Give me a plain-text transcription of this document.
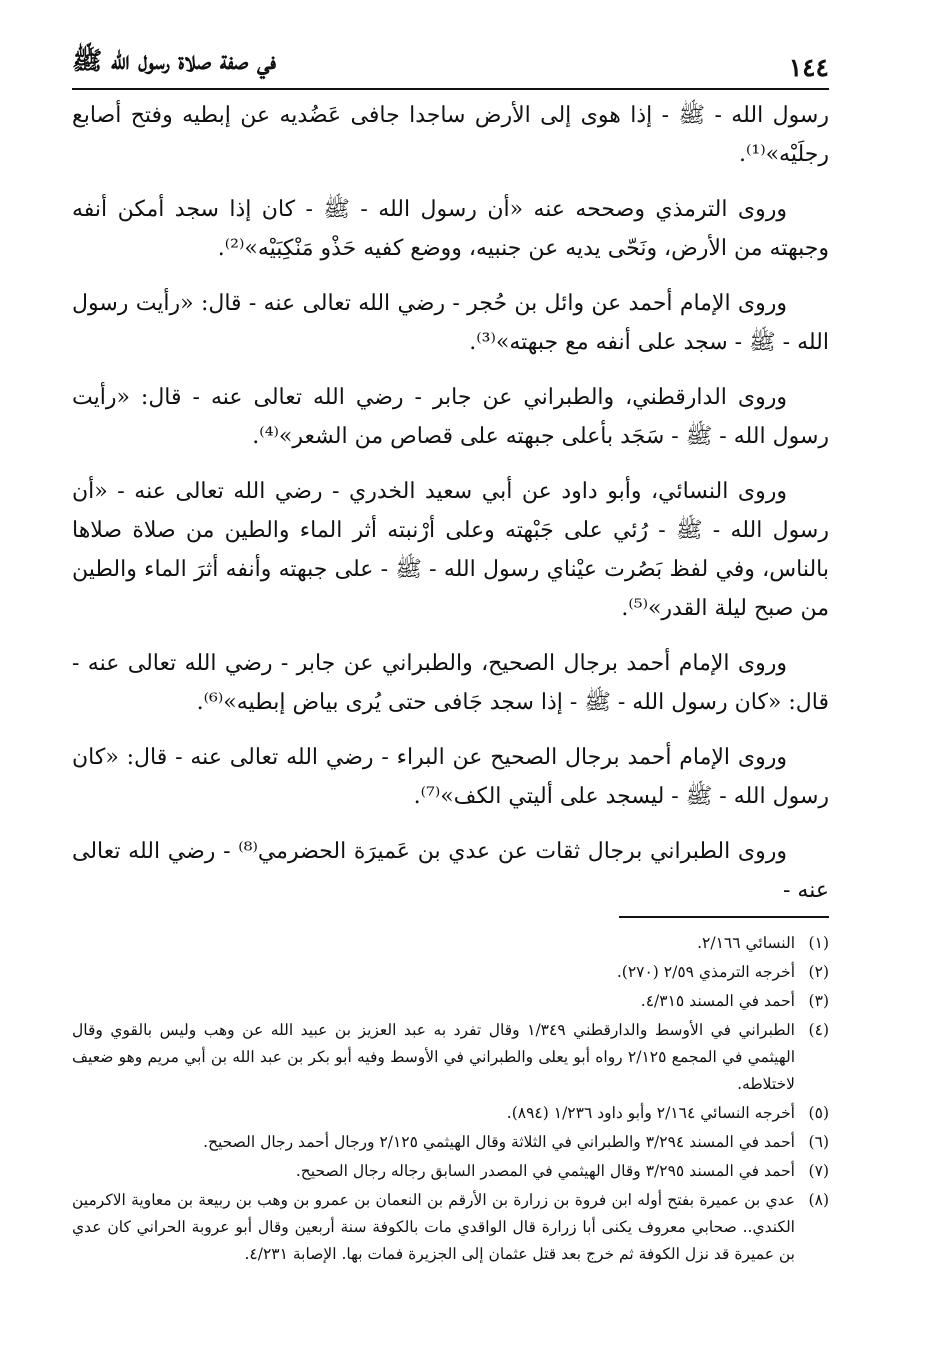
١٤٤
في صفة صلاة رسول الله ﷺ

رسول الله - ﷺ - إذا هوى إلى الأرض ساجدا جافى عَضُديه عن إبطيه وفتح أصابع رجلَيْه»⁽¹⁾.

وروى الترمذي وصححه عنه «أن رسول الله - ﷺ - كان إذا سجد أمكن أنفه وجبهته من الأرض، ونَحّى يديه عن جنبيه، ووضع كفيه حَذْو مَنْكِبَيْه»⁽²⁾.

وروى الإمام أحمد عن وائل بن حُجر - رضي الله تعالى عنه - قال: «رأيت رسول الله - ﷺ - سجد على أنفه مع جبهته»⁽³⁾.

وروى الدارقطني، والطبراني عن جابر - رضي الله تعالى عنه - قال: «رأيت رسول الله - ﷺ - سَجَد بأعلى جبهته على قصاص من الشعر»⁽⁴⁾.

وروى النسائي، وأبو داود عن أبي سعيد الخدري - رضي الله تعالى عنه - «أن رسول الله - ﷺ - رُئي على جَبْهته وعلى أرْنبته أثر الماء والطين من صلاة صلاها بالناس، وفي لفظ بَصُرت عيْناي رسول الله - ﷺ - على جبهته وأنفه أثرَ الماء والطين من صبح ليلة القدر»⁽⁵⁾.

وروى الإمام أحمد برجال الصحيح، والطبراني عن جابر - رضي الله تعالى عنه - قال: «كان رسول الله - ﷺ - إذا سجد جَافى حتى يُرى بياض إبطيه»⁽⁶⁾.

وروى الإمام أحمد برجال الصحيح عن البراء - رضي الله تعالى عنه - قال: «كان رسول الله - ﷺ - ليسجد على أليتي الكف»⁽⁷⁾.

وروى الطبراني برجال ثقات عن عدي بن عَميرَة الحضرمي⁽⁸⁾ - رضي الله تعالى عنه -

(١)
النسائي ٢/١٦٦.
(٢)
أخرجه الترمذي ٢/٥٩ (٢٧٠).
(٣)
أحمد في المسند ٤/٣١٥.
(٤)
الطبراني في الأوسط والدارقطني ١/٣٤٩ وقال تفرد به عبد العزيز بن عبيد الله عن وهب وليس بالقوي وقال الهيثمي في المجمع ٢/١٢٥ رواه أبو يعلى والطبراني في الأوسط وفيه أبو بكر بن عبد الله بن أبي مريم وهو ضعيف لاختلاطه.
(٥)
أخرجه النسائي ٢/١٦٤ وأبو داود ١/٢٣٦ (٨٩٤).
(٦)
أحمد في المسند ٣/٢٩٤ والطبراني في الثلاثة وقال الهيثمي ٢/١٢٥ ورجال أحمد رجال الصحيح.
(٧)
أحمد في المسند ٣/٢٩٥ وقال الهيثمي في المصدر السابق رجاله رجال الصحيح.
(٨)
عدي بن عميرة بفتح أوله ابن فروة بن زرارة بن الأرقم بن النعمان بن عمرو بن وهب بن ربيعة بن معاوية الاكرمين الكندي.. صحابي معروف يكنى أبا زرارة قال الواقدي مات بالكوفة سنة أربعين وقال أبو عروبة الحراني كان عدي بن عميرة قد نزل الكوفة ثم خرج بعد قتل عثمان إلى الجزيرة فمات بها. الإصابة ٤/٢٣١.
